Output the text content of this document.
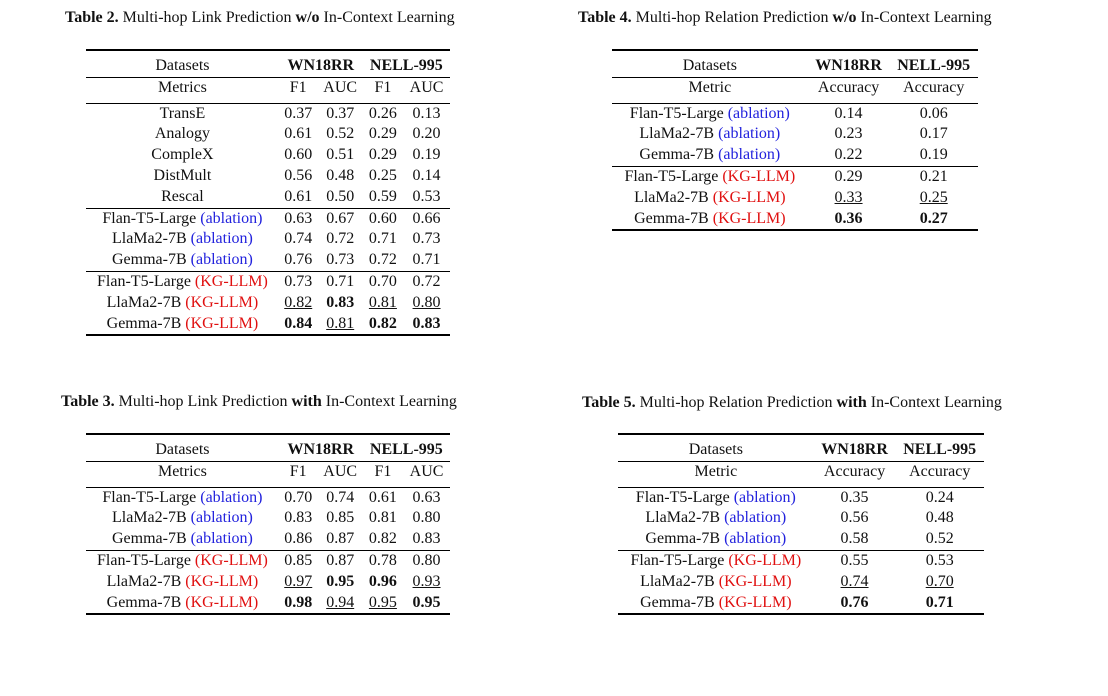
Table 2. Multi-hop Link Prediction w/o In-Context Learning
Table 3. Multi-hop Link Prediction with In-Context Learning
Table 4. Multi-hop Relation Prediction w/o In-Context Learning
Table 5. Multi-hop Relation Prediction with In-Context Learning
Datasets	WN18RR		NELL-995	
Metrics	F1	AUC	F1	AUC
TransE	0.37	0.37	0.26	0.13
Analogy	0.61	0.52	0.29	0.20
CompleX	0.60	0.51	0.29	0.19
DistMult	0.56	0.48	0.25	0.14
Rescal	0.61	0.50	0.59	0.53
Flan-T5-Large (ablation)	0.63	0.67	0.60	0.66
LlaMa2-7B (ablation)	0.74	0.72	0.71	0.73
Gemma-7B (ablation)	0.76	0.73	0.72	0.71
Flan-T5-Large (KG-LLM)	0.73	0.71	0.70	0.72
LlaMa2-7B (KG-LLM)	0.82	0.83	0.81	0.80
Gemma-7B (KG-LLM)	0.84	0.81	0.82	0.83
Datasets	WN18RR		NELL-995	
Metrics	F1	AUC	F1	AUC
Flan-T5-Large (ablation)	0.70	0.74	0.61	0.63
LlaMa2-7B (ablation)	0.83	0.85	0.81	0.80
Gemma-7B (ablation)	0.86	0.87	0.82	0.83
Flan-T5-Large (KG-LLM)	0.85	0.87	0.78	0.80
LlaMa2-7B (KG-LLM)	0.97	0.95	0.96	0.93
Gemma-7B (KG-LLM)	0.98	0.94	0.95	0.95
Datasets	WN18RR	NELL-995
Metric	Accuracy	Accuracy
Flan-T5-Large (ablation)	0.14	0.06
LlaMa2-7B (ablation)	0.23	0.17
Gemma-7B (ablation)	0.22	0.19
Flan-T5-Large (KG-LLM)	0.29	0.21
LlaMa2-7B (KG-LLM)	0.33	0.25
Gemma-7B (KG-LLM)	0.36	0.27
Datasets	WN18RR	NELL-995
Metric	Accuracy	Accuracy
Flan-T5-Large (ablation)	0.35	0.24
LlaMa2-7B (ablation)	0.56	0.48
Gemma-7B (ablation)	0.58	0.52
Flan-T5-Large (KG-LLM)	0.55	0.53
LlaMa2-7B (KG-LLM)	0.74	0.70
Gemma-7B (KG-LLM)	0.76	0.71
